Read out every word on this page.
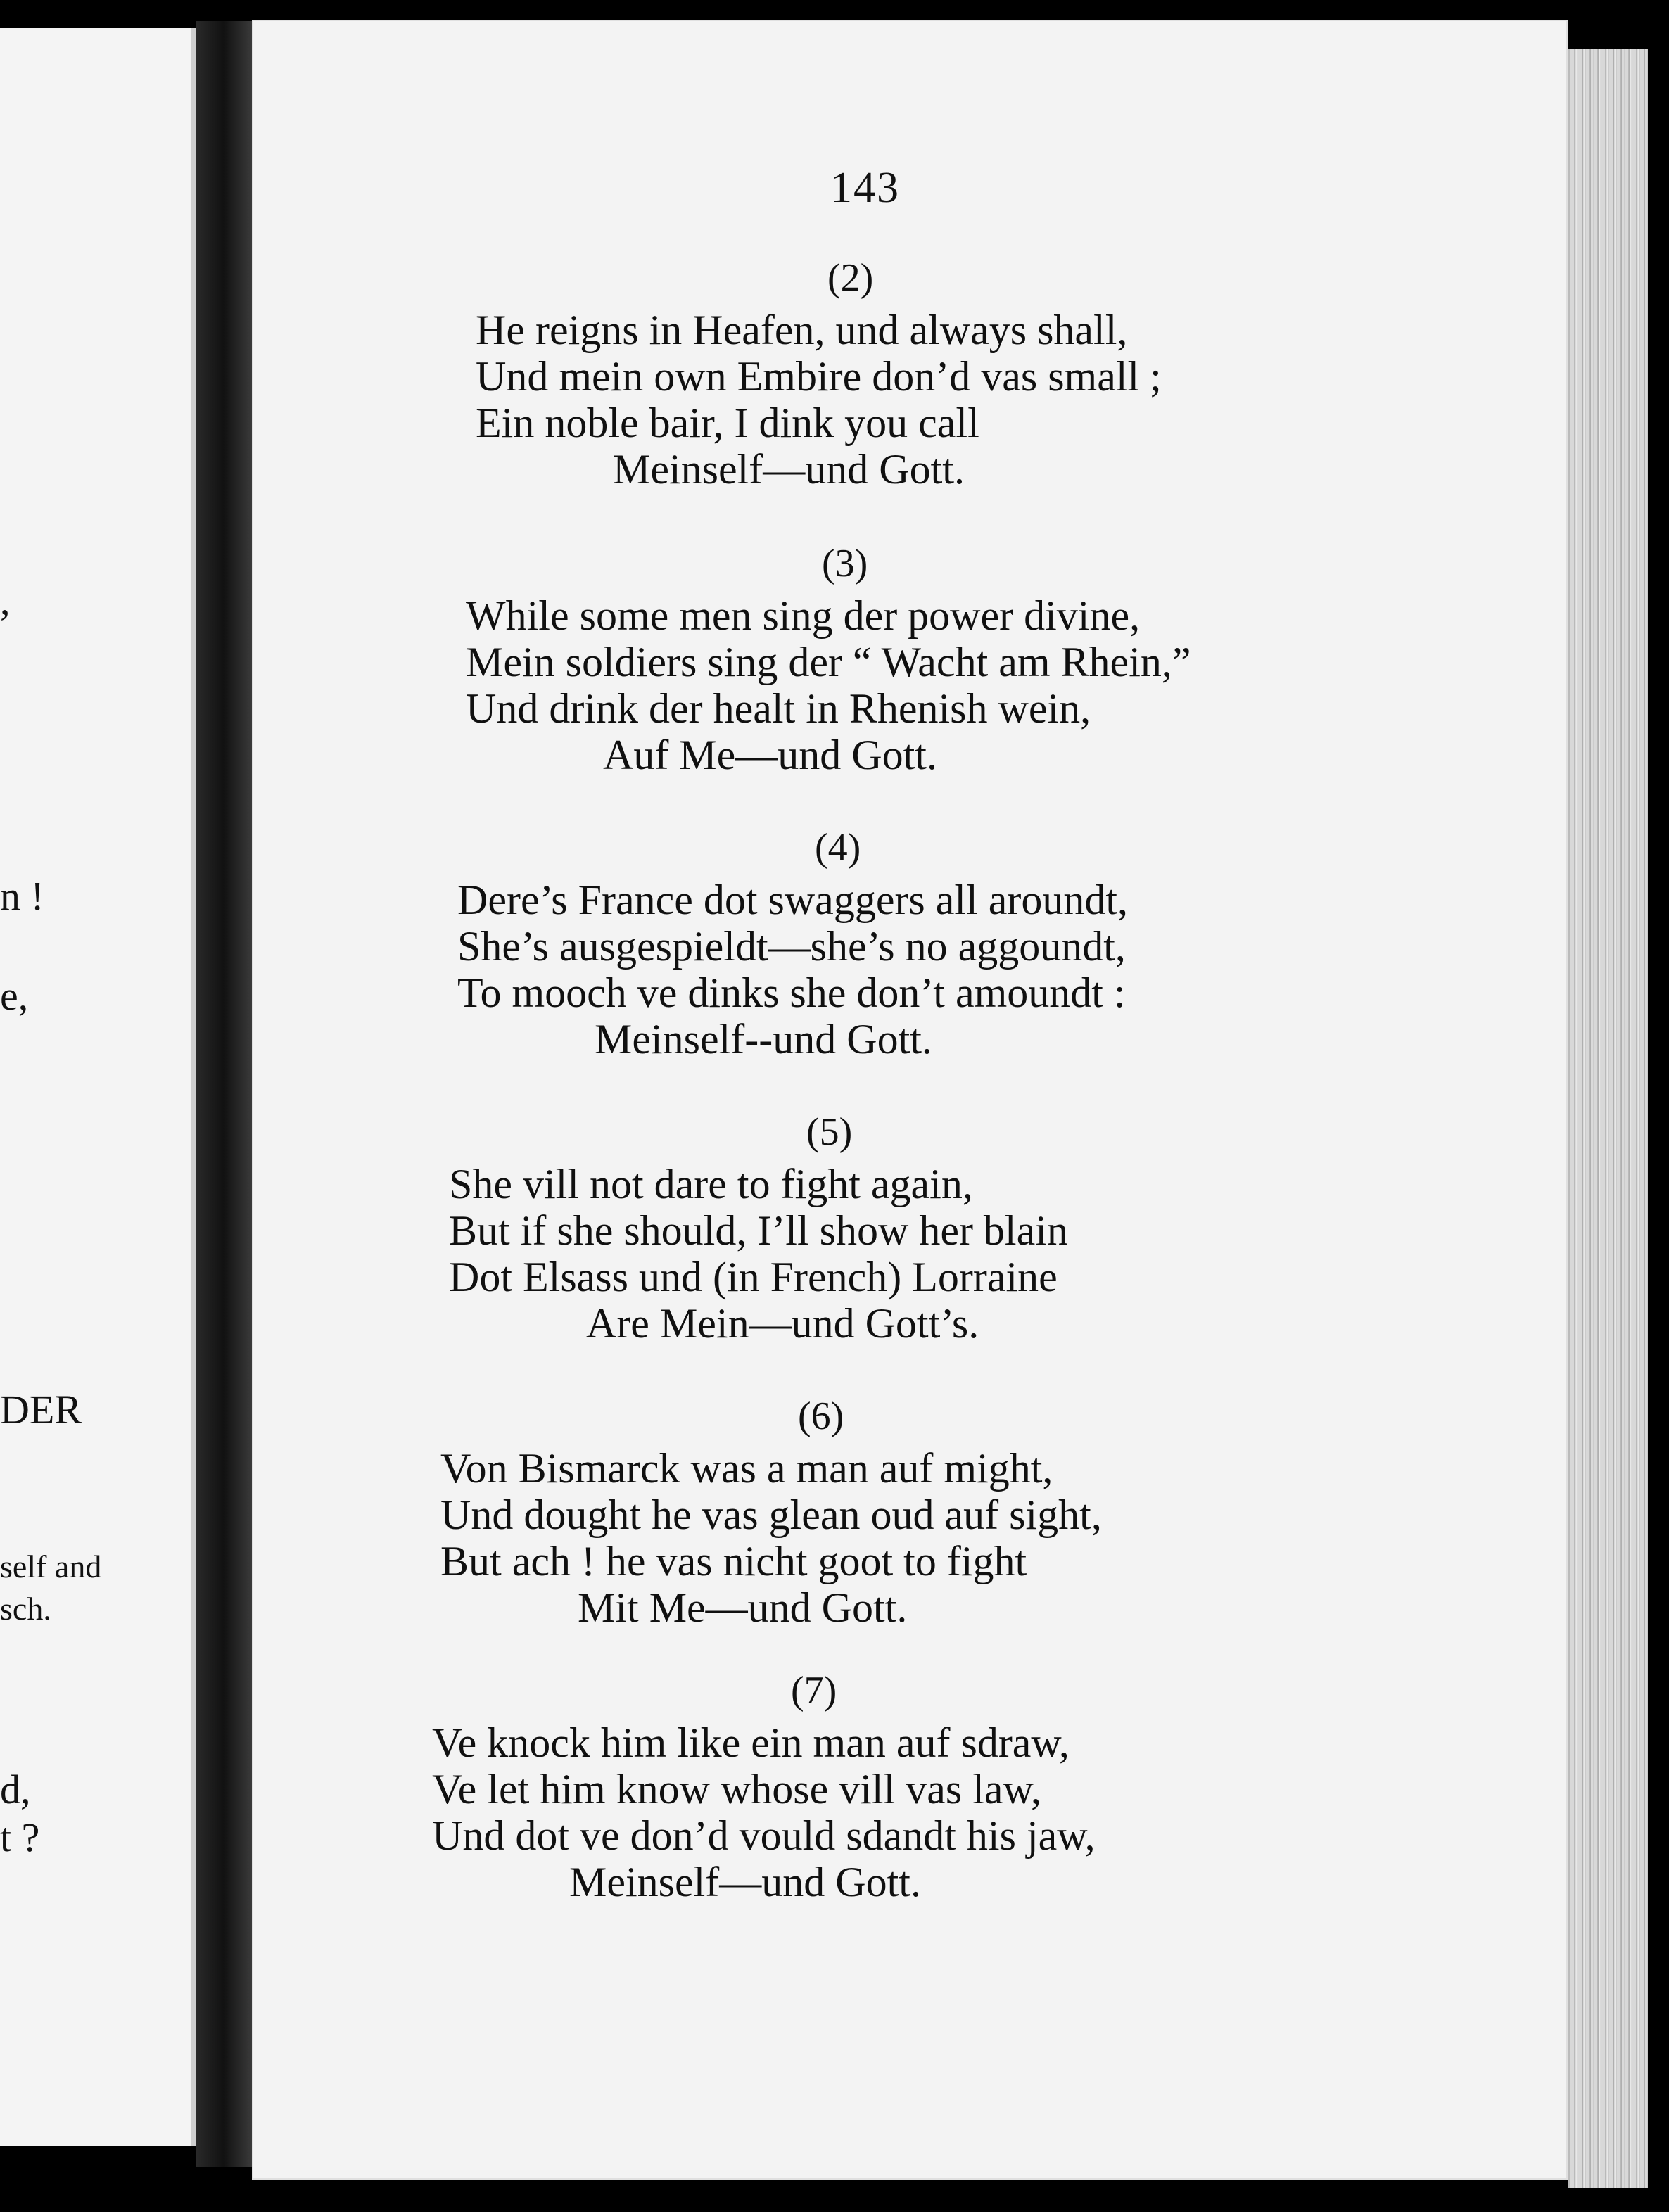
,
n !
e,
DER
self and
sch.
d,
t ?
143
(2)
He reigns in Heafen, und always shall,
Und mein own Embire don’d vas small ;
Ein noble bair, I dink you call
Meinself—und Gott.
(3)
While some men sing der power divine,
Mein soldiers sing der “ Wacht am Rhein,”
Und drink der healt in Rhenish wein,
Auf Me—und Gott.
(4)
Dere’s France dot swaggers all aroundt,
She’s ausgespieldt—she’s no aggoundt,
To mooch ve dinks she don’t amoundt :
Meinself--und Gott.
(5)
She vill not dare to fight again,
But if she should, I’ll show her blain
Dot Elsass und (in French) Lorraine
Are Mein—und Gott’s.
(6)
Von Bismarck was a man auf might,
Und dought he vas glean oud auf sight,
But ach ! he vas nicht goot to fight
Mit Me—und Gott.
(7)
Ve knock him like ein man auf sdraw,
Ve let him know whose vill vas law,
Und dot ve don’d vould sdandt his jaw,
Meinself—und Gott.
